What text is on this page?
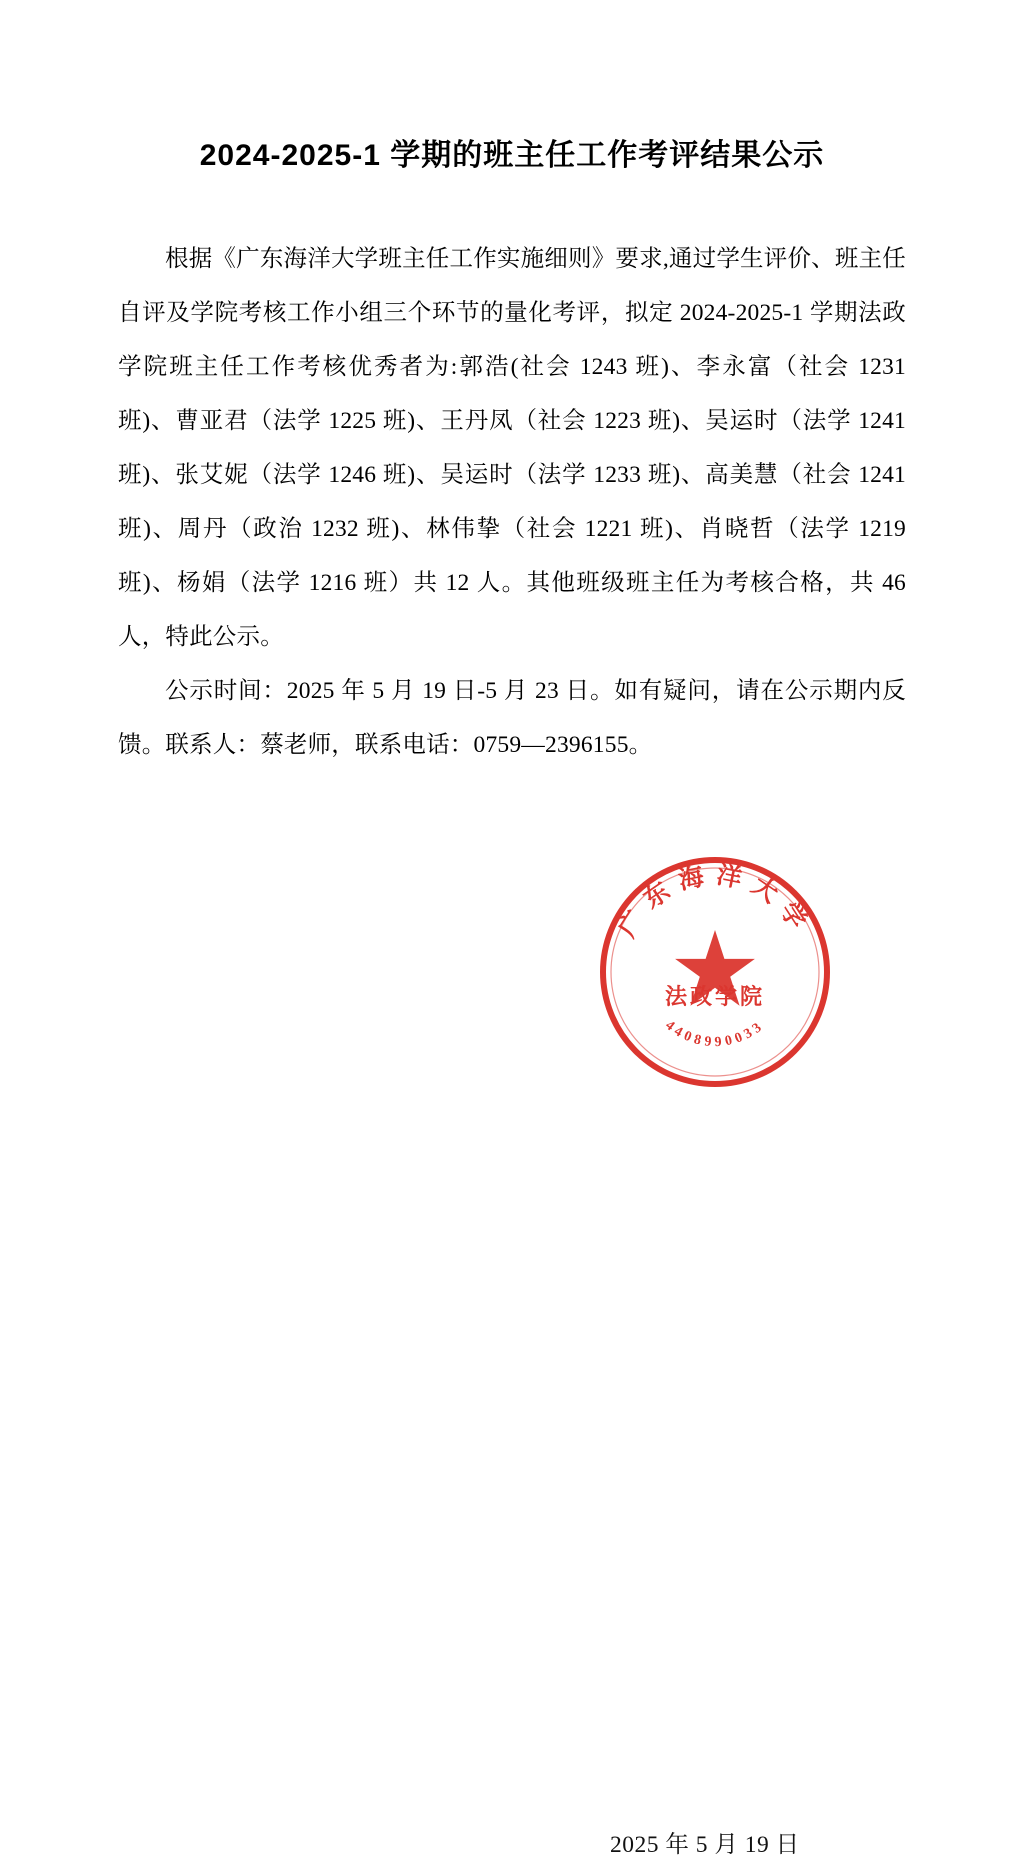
2024-2025-1 学期的班主任工作考评结果公示

根据《广东海洋大学班主任工作实施细则》要求,通过学生评价、班主任自评及学院考核工作小组三个环节的量化考评，拟定 2024-2025-1 学期法政学院班主任工作考核优秀者为:郭浩(社会 1243 班)、李永富（社会 1231 班)、曹亚君（法学 1225 班)、王丹凤（社会 1223 班)、吴运时（法学 1241 班)、张艾妮（法学 1246 班)、吴运时（法学 1233 班)、高美慧（社会 1241 班)、周丹（政治 1232 班)、林伟挚（社会 1221 班)、肖晓哲（法学 1219 班)、杨娟（法学 1216 班）共 12 人。其他班级班主任为考核合格，共 46 人，特此公示。

公示时间：2025 年 5 月 19 日-5 月 23 日。如有疑问，请在公示期内反馈。联系人：蔡老师，联系电话：0759—2396155。

2025 年 5 月 19 日
广东海洋大学
4408990033
法政学院
